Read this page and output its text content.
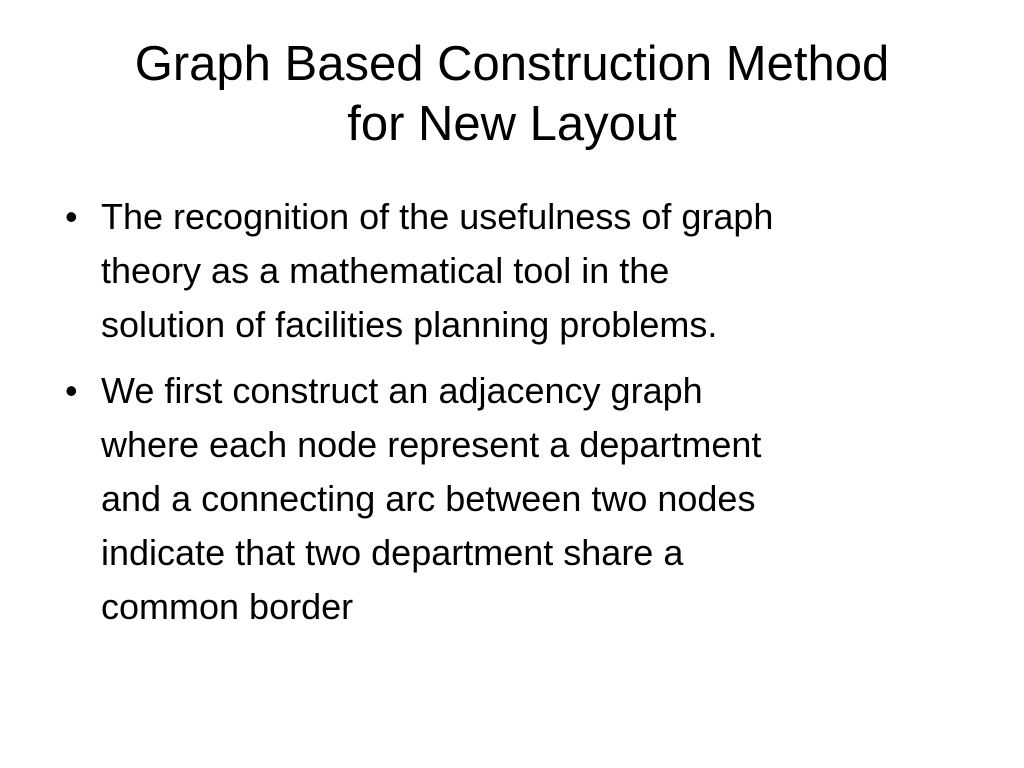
Graph Based Construction Method
for New Layout
• The recognition of the usefulness of graph
theory as a mathematical tool in the
solution of facilities planning problems.
• We first construct an adjacency graph
where each node represent a department
and a connecting arc between two nodes
indicate that two department share a
common border
